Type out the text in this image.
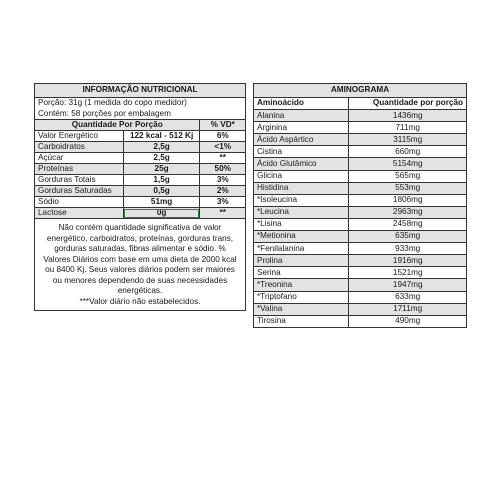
INFORMAÇÃO NUTRICIONAL		
Porção: 31g (1 medida do copo medidor)		
Contém: 58 porções por embalagem		
Quantidade Por Porção		% VD*
Valor Energético	122 kcal - 512 Kj	6%
Carboidratos	2,5g	<1%
Açúcar	2,5g	**
Proteínas	25g	50%
Gorduras Totais	1,5g	3%
Gorduras Saturadas	0,5g	2%
Sódio	51mg	3%
Lactose	0g	**

Não contém quantidade significativa de valor energético, carboidratos, proteínas, gorduras trans, gorduras saturadas, fibras alimentar e sódio. % Valores Diários com base em uma dieta de 2000 kcal ou 8400 Kj. Seus valores diários podem ser maiores ou menores dependendo de suas necessidades energéticas.
***Valor diário não estabelecidos.		
AMINOGRAMA	
Aminoácido	Quantidade por porção
Alanina	1436mg
Arginina	711mg
Ácido Aspártico	3115mg
Cistina	660mg
Ácido Glutâmico	5154mg
Glicina	565mg
Histidina	553mg
*Isoleucina	1806mg
*Leucina	2963mg
*Lisina	2458mg
*Metionina	635mg
*Fenilalanina	933mg
Prolina	1916mg
Serina	1521mg
*Treonina	1947mg
*Triptofano	633mg
*Valina	1711mg
Tirosina	490mg
